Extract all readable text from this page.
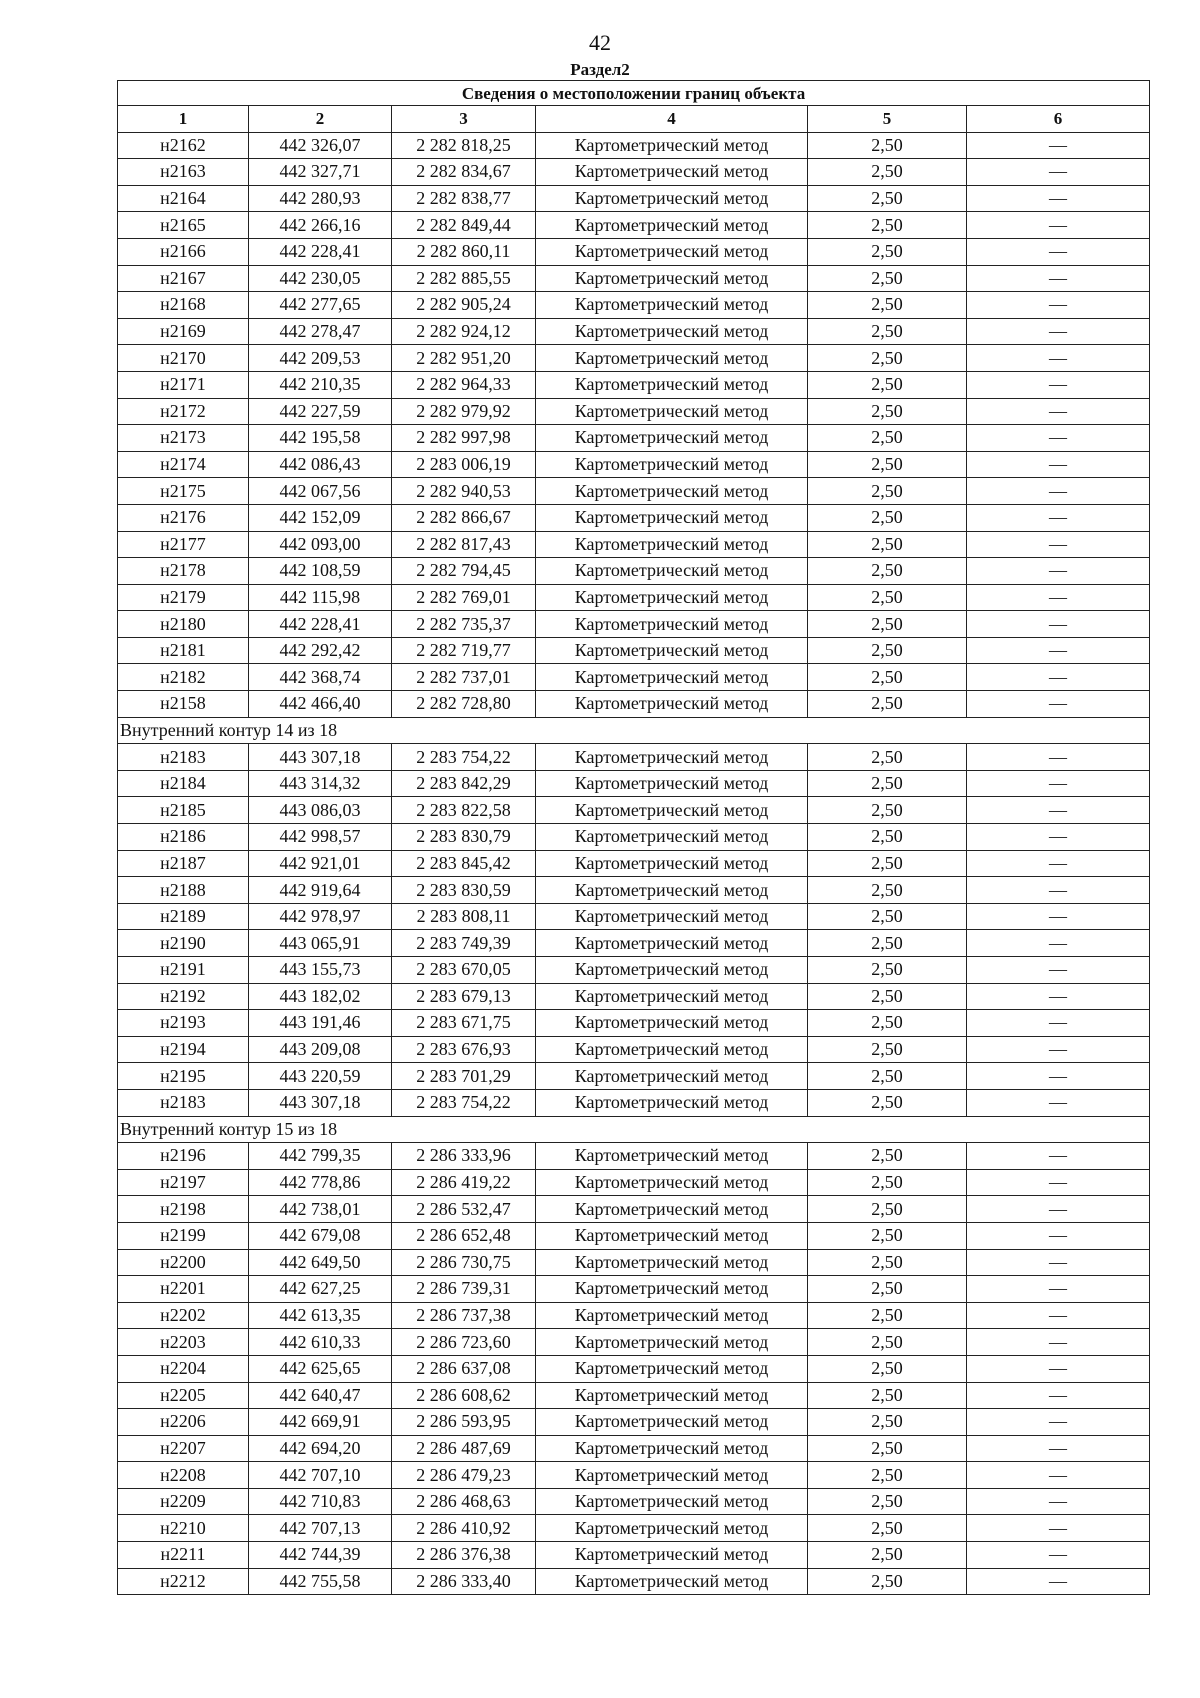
42
Раздел2
Сведения о местоположении границ объекта					
1	2	3	4	5	6
н2162	442 326,07	2 282 818,25	Картометрический метод	2,50	—
н2163	442 327,71	2 282 834,67	Картометрический метод	2,50	—
н2164	442 280,93	2 282 838,77	Картометрический метод	2,50	—
н2165	442 266,16	2 282 849,44	Картометрический метод	2,50	—
н2166	442 228,41	2 282 860,11	Картометрический метод	2,50	—
н2167	442 230,05	2 282 885,55	Картометрический метод	2,50	—
н2168	442 277,65	2 282 905,24	Картометрический метод	2,50	—
н2169	442 278,47	2 282 924,12	Картометрический метод	2,50	—
н2170	442 209,53	2 282 951,20	Картометрический метод	2,50	—
н2171	442 210,35	2 282 964,33	Картометрический метод	2,50	—
н2172	442 227,59	2 282 979,92	Картометрический метод	2,50	—
н2173	442 195,58	2 282 997,98	Картометрический метод	2,50	—
н2174	442 086,43	2 283 006,19	Картометрический метод	2,50	—
н2175	442 067,56	2 282 940,53	Картометрический метод	2,50	—
н2176	442 152,09	2 282 866,67	Картометрический метод	2,50	—
н2177	442 093,00	2 282 817,43	Картометрический метод	2,50	—
н2178	442 108,59	2 282 794,45	Картометрический метод	2,50	—
н2179	442 115,98	2 282 769,01	Картометрический метод	2,50	—
н2180	442 228,41	2 282 735,37	Картометрический метод	2,50	—
н2181	442 292,42	2 282 719,77	Картометрический метод	2,50	—
н2182	442 368,74	2 282 737,01	Картометрический метод	2,50	—
н2158	442 466,40	2 282 728,80	Картометрический метод	2,50	—
Внутренний контур 14 из 18					
н2183	443 307,18	2 283 754,22	Картометрический метод	2,50	—
н2184	443 314,32	2 283 842,29	Картометрический метод	2,50	—
н2185	443 086,03	2 283 822,58	Картометрический метод	2,50	—
н2186	442 998,57	2 283 830,79	Картометрический метод	2,50	—
н2187	442 921,01	2 283 845,42	Картометрический метод	2,50	—
н2188	442 919,64	2 283 830,59	Картометрический метод	2,50	—
н2189	442 978,97	2 283 808,11	Картометрический метод	2,50	—
н2190	443 065,91	2 283 749,39	Картометрический метод	2,50	—
н2191	443 155,73	2 283 670,05	Картометрический метод	2,50	—
н2192	443 182,02	2 283 679,13	Картометрический метод	2,50	—
н2193	443 191,46	2 283 671,75	Картометрический метод	2,50	—
н2194	443 209,08	2 283 676,93	Картометрический метод	2,50	—
н2195	443 220,59	2 283 701,29	Картометрический метод	2,50	—
н2183	443 307,18	2 283 754,22	Картометрический метод	2,50	—
Внутренний контур 15 из 18					
н2196	442 799,35	2 286 333,96	Картометрический метод	2,50	—
н2197	442 778,86	2 286 419,22	Картометрический метод	2,50	—
н2198	442 738,01	2 286 532,47	Картометрический метод	2,50	—
н2199	442 679,08	2 286 652,48	Картометрический метод	2,50	—
н2200	442 649,50	2 286 730,75	Картометрический метод	2,50	—
н2201	442 627,25	2 286 739,31	Картометрический метод	2,50	—
н2202	442 613,35	2 286 737,38	Картометрический метод	2,50	—
н2203	442 610,33	2 286 723,60	Картометрический метод	2,50	—
н2204	442 625,65	2 286 637,08	Картометрический метод	2,50	—
н2205	442 640,47	2 286 608,62	Картометрический метод	2,50	—
н2206	442 669,91	2 286 593,95	Картометрический метод	2,50	—
н2207	442 694,20	2 286 487,69	Картометрический метод	2,50	—
н2208	442 707,10	2 286 479,23	Картометрический метод	2,50	—
н2209	442 710,83	2 286 468,63	Картометрический метод	2,50	—
н2210	442 707,13	2 286 410,92	Картометрический метод	2,50	—
н2211	442 744,39	2 286 376,38	Картометрический метод	2,50	—
н2212	442 755,58	2 286 333,40	Картометрический метод	2,50	—
